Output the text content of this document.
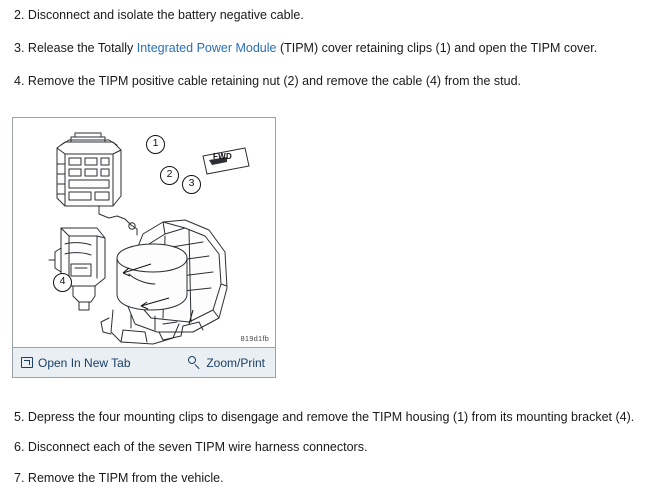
2. Disconnect and isolate the battery negative cable.
3. Release the Totally Integrated Power Module (TIPM) cover retaining clips (1) and open the TIPM cover.
4. Remove the TIPM positive cable retaining nut (2) and remove the cable (4) from the stud.
1
2
3
4
FWD
819d1fb
Open In New Tab	Zoom/Print
5. Depress the four mounting clips to disengage and remove the TIPM housing (1) from its mounting bracket (4).
6. Disconnect each of the seven TIPM wire harness connectors.
7. Remove the TIPM from the vehicle.
